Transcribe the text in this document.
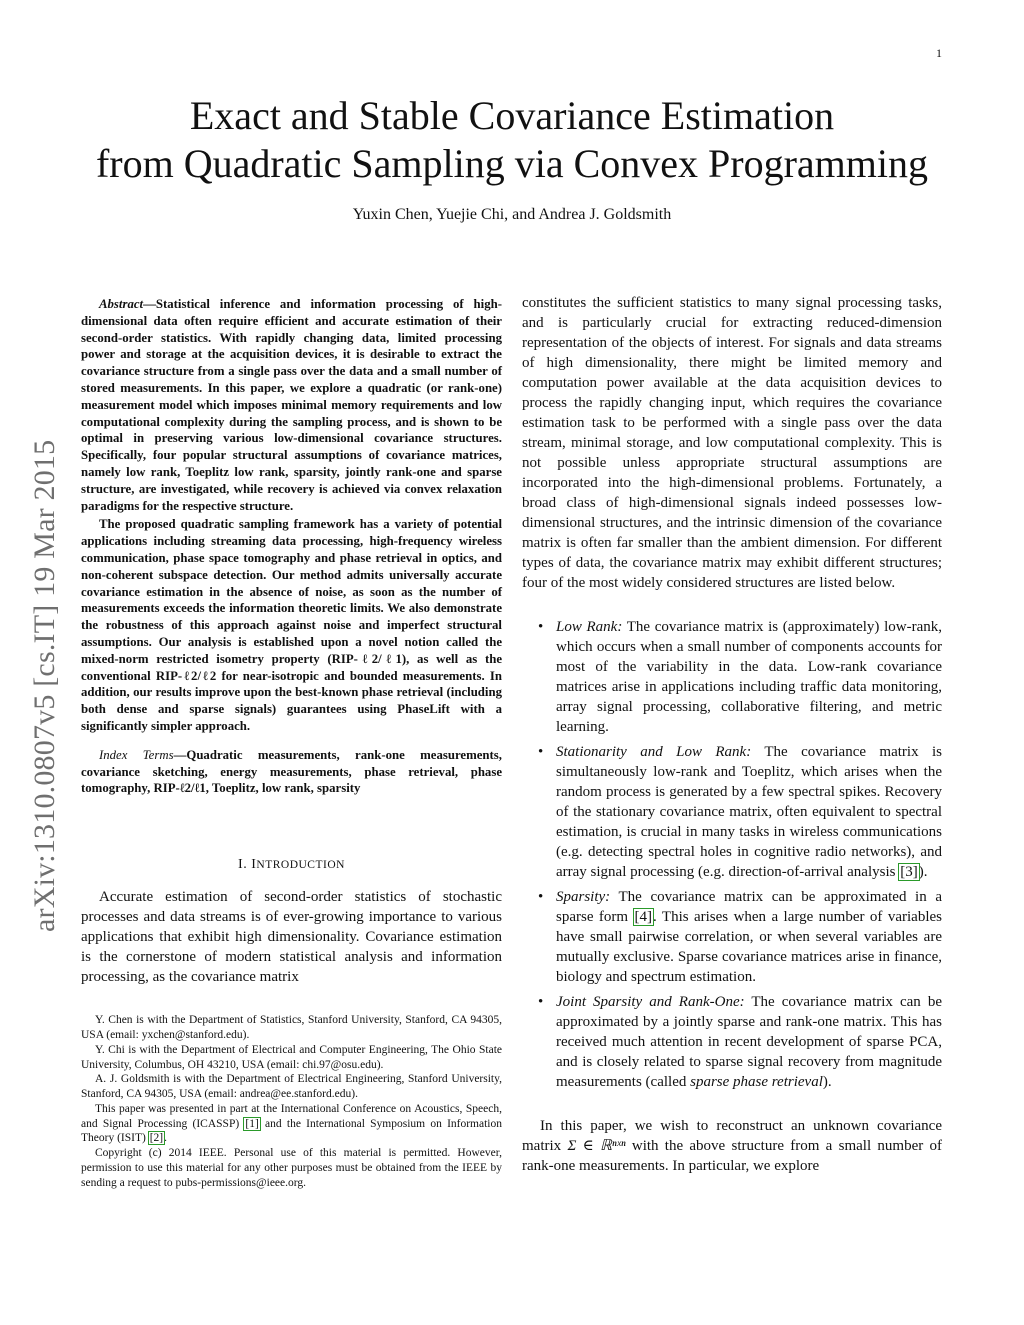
1
arXiv:1310.0807v5 [cs.IT] 19 Mar 2015
Exact and Stable Covariance Estimation
from Quadratic Sampling via Convex Programming
Yuxin Chen, Yuejie Chi, and Andrea J. Goldsmith

Abstract—Statistical inference and information processing of high-dimensional data often require efficient and accurate estimation of their second-order statistics. With rapidly changing data, limited processing power and storage at the acquisition devices, it is desirable to extract the covariance structure from a single pass over the data and a small number of stored measurements. In this paper, we explore a quadratic (or rank-one) measurement model which imposes minimal memory requirements and low computational complexity during the sampling process, and is shown to be optimal in preserving various low-dimensional covariance structures. Specifically, four popular structural assumptions of covariance matrices, namely low rank, Toeplitz low rank, sparsity, jointly rank-one and sparse structure, are investigated, while recovery is achieved via convex relaxation paradigms for the respective structure.

The proposed quadratic sampling framework has a variety of potential applications including streaming data processing, high-frequency wireless communication, phase space tomography and phase retrieval in optics, and non-coherent subspace detection. Our method admits universally accurate covariance estimation in the absence of noise, as soon as the number of measurements exceeds the information theoretic limits. We also demonstrate the robustness of this approach against noise and imperfect structural assumptions. Our analysis is established upon a novel notion called the mixed-norm restricted isometry property (RIP-ℓ2/ℓ1), as well as the conventional RIP-ℓ2/ℓ2 for near-isotropic and bounded measurements. In addition, our results improve upon the best-known phase retrieval (including both dense and sparse signals) guarantees using PhaseLift with a significantly simpler approach.

Index Terms—Quadratic measurements, rank-one measurements, covariance sketching, energy measurements, phase retrieval, phase tomography, RIP-ℓ2/ℓ1, Toeplitz, low rank, sparsity

I. INTRODUCTION

Accurate estimation of second-order statistics of stochastic processes and data streams is of ever-growing importance to various applications that exhibit high dimensionality. Covariance estimation is the cornerstone of modern statistical analysis and information processing, as the covariance matrix

Y. Chen is with the Department of Statistics, Stanford University, Stanford, CA 94305, USA (email: yxchen@stanford.edu).

Y. Chi is with the Department of Electrical and Computer Engineering, The Ohio State University, Columbus, OH 43210, USA (email: chi.97@osu.edu).

A. J. Goldsmith is with the Department of Electrical Engineering, Stanford University, Stanford, CA 94305, USA (email: andrea@ee.stanford.edu).

This paper was presented in part at the International Conference on Acoustics, Speech, and Signal Processing (ICASSP) [1] and the International Symposium on Information Theory (ISIT) [2].

Copyright (c) 2014 IEEE. Personal use of this material is permitted. However, permission to use this material for any other purposes must be obtained from the IEEE by sending a request to pubs-permissions@ieee.org.

constitutes the sufficient statistics to many signal processing tasks, and is particularly crucial for extracting reduced-dimension representation of the objects of interest. For signals and data streams of high dimensionality, there might be limited memory and computation power available at the data acquisition devices to process the rapidly changing input, which requires the covariance estimation task to be performed with a single pass over the data stream, minimal storage, and low computational complexity. This is not possible unless appropriate structural assumptions are incorporated into the high-dimensional problems. Fortunately, a broad class of high-dimensional signals indeed possesses low-dimensional structures, and the intrinsic dimension of the covariance matrix is often far smaller than the ambient dimension. For different types of data, the covariance matrix may exhibit different structures; four of the most widely considered structures are listed below.

• Low Rank: The covariance matrix is (approximately) low-rank, which occurs when a small number of components accounts for most of the variability in the data. Low-rank covariance matrices arise in applications including traffic data monitoring, array signal processing, collaborative filtering, and metric learning.
• Stationarity and Low Rank: The covariance matrix is simultaneously low-rank and Toeplitz, which arises when the random process is generated by a few spectral spikes. Recovery of the stationary covariance matrix, often equivalent to spectral estimation, is crucial in many tasks in wireless communications (e.g. detecting spectral holes in cognitive radio networks), and array signal processing (e.g. direction-of-arrival analysis [3]).
• Sparsity: The covariance matrix can be approximated in a sparse form [4]. This arises when a large number of variables have small pairwise correlation, or when several variables are mutually exclusive. Sparse covariance matrices arise in finance, biology and spectrum estimation.
• Joint Sparsity and Rank-One: The covariance matrix can be approximated by a jointly sparse and rank-one matrix. This has received much attention in recent development of sparse PCA, and is closely related to sparse signal recovery from magnitude measurements (called sparse phase retrieval).

In this paper, we wish to reconstruct an unknown covariance matrix Σ ∈ ℝⁿˣⁿ with the above structure from a small number of rank-one measurements. In particular, we explore
